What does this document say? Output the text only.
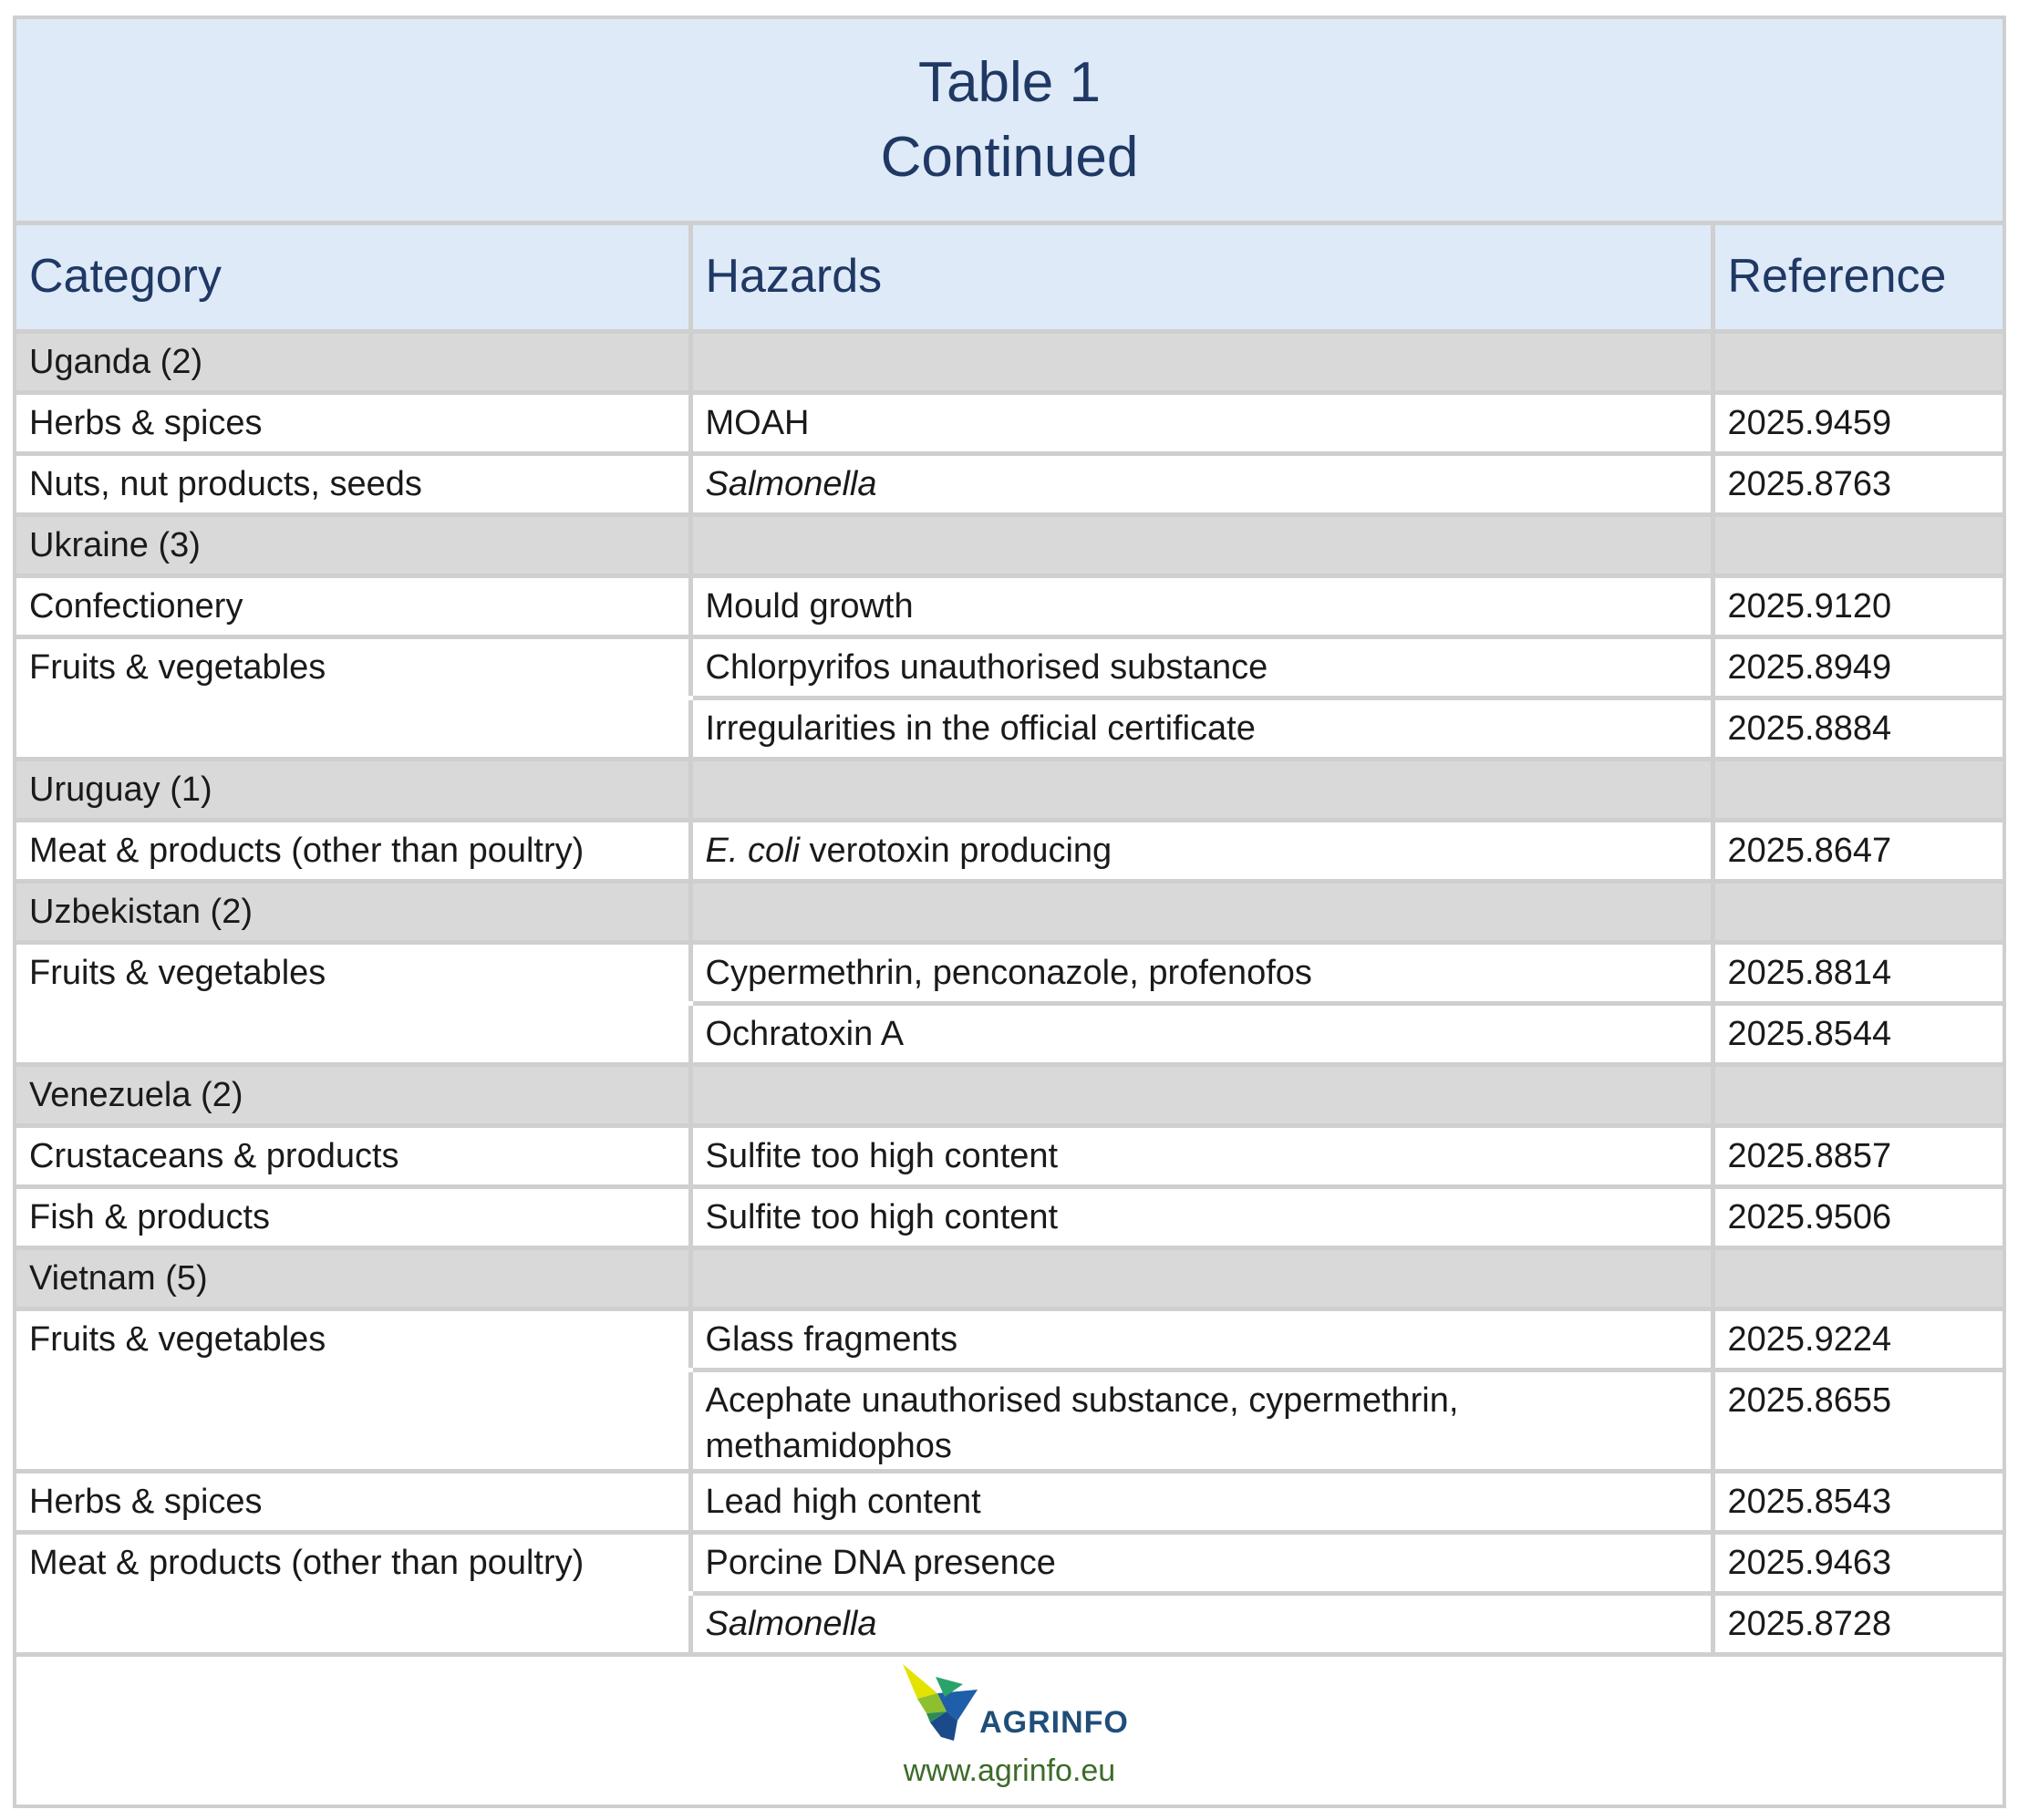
Table 1
Continued
Category	Hazards	Reference
Uganda (2)		
Herbs & spices	MOAH	2025.9459
Nuts, nut products, seeds	Salmonella	2025.8763
Ukraine (3)		
Confectionery	Mould growth	2025.9120
Fruits & vegetables	Chlorpyrifos unauthorised substance	2025.8949
	Irregularities in the official certificate	2025.8884
Uruguay (1)		
Meat & products (other than poultry)	E. coli verotoxin producing	2025.8647
Uzbekistan (2)		
Fruits & vegetables	Cypermethrin, penconazole, profenofos	2025.8814
	Ochratoxin A	2025.8544
Venezuela (2)		
Crustaceans & products	Sulfite too high content	2025.8857
Fish & products	Sulfite too high content	2025.9506
Vietnam (5)		
Fruits & vegetables	Glass fragments	2025.9224
	Acephate unauthorised substance, cypermethrin, methamidophos	2025.8655
Herbs & spices	Lead high content	2025.8543
Meat & products (other than poultry)	Porcine DNA presence	2025.9463
	Salmonella	2025.8728
AGRINFO
www.agrinfo.eu
